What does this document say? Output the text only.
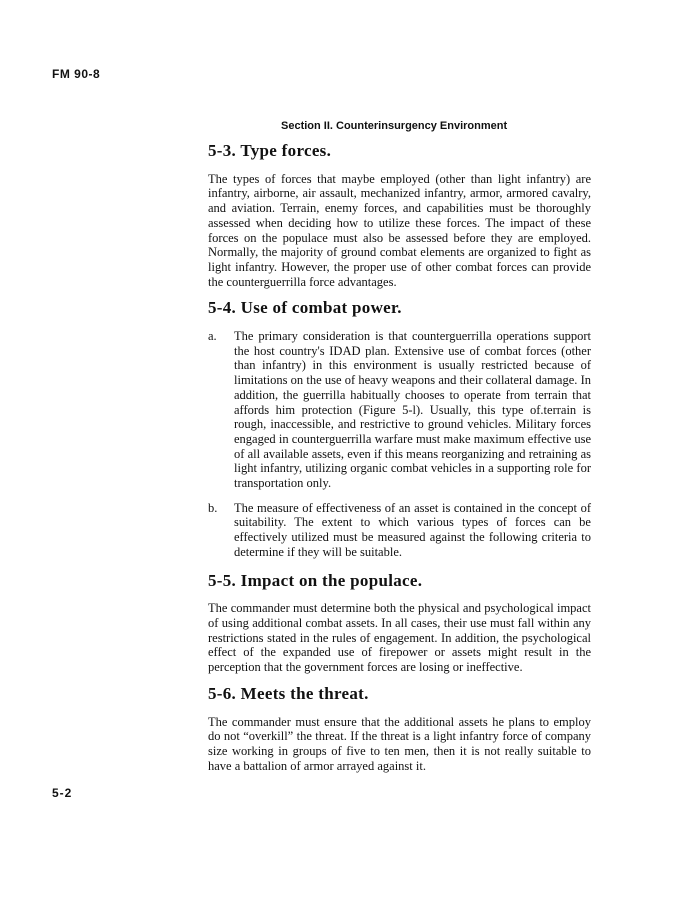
FM 90-8
Section II. Counterinsurgency Environment
5-3. Type forces.

The types of forces that maybe employed (other than light infantry) are infantry, airborne, air assault, mechanized infantry, armor, armored cavalry, and aviation. Terrain, enemy forces, and capabilities must be thoroughly assessed when deciding how to utilize these forces. The impact of these forces on the populace must also be assessed before they are employed. Normally, the majority of ground combat elements are organized to fight as light infantry. However, the proper use of other combat forces can provide the counterguerrilla force advantages.

5-4. Use of combat power.
a. The primary consideration is that counterguerrilla operations support the host country's IDAD plan. Extensive use of combat forces (other than infantry) in this environment is usually restricted because of limitations on the use of heavy weapons and their collateral damage. In addition, the guerrilla habitually chooses to operate from terrain that affords him protection (Figure 5-l). Usually, this type of.terrain is rough, inaccessible, and restrictive to ground vehicles. Military forces engaged in counterguerrilla warfare must make maximum effective use of all available assets, even if this means reorganizing and retraining as light infantry, utilizing organic combat vehicles in a supporting role for transportation only.
b. The measure of effectiveness of an asset is contained in the concept of suitability. The extent to which various types of forces can be effectively utilized must be measured against the following criteria to determine if they will be suitable.
5-5. Impact on the populace.

The commander must determine both the physical and psychological impact of using additional combat assets. In all cases, their use must fall within any restrictions stated in the rules of engagement. In addition, the psychological effect of the expanded use of firepower or assets might result in the perception that the government forces are losing or ineffective.

5-6. Meets the threat.

The commander must ensure that the additional assets he plans to employ do not “overkill” the threat. If the threat is a light infantry force of company size working in groups of five to ten men, then it is not really suitable to have a battalion of armor arrayed against it.

5-2
